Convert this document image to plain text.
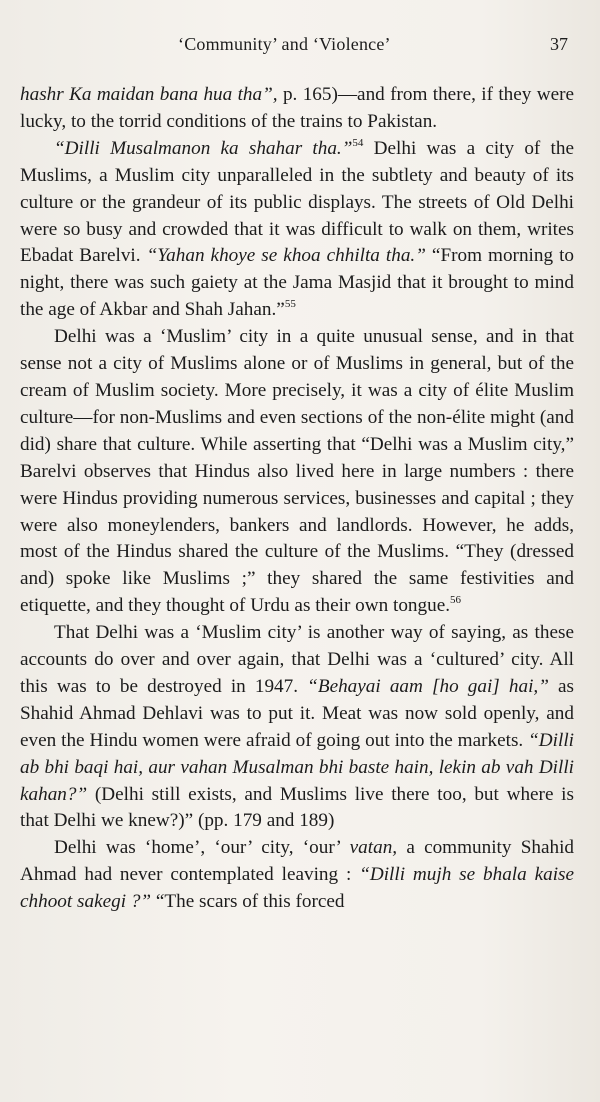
‘Community’ and ‘Violence’	37

hashr Ka maidan bana hua tha”, p. 165)—and from there, if they were lucky, to the torrid conditions of the trains to Pakistan.

“Dilli Musalmanon ka shahar tha.”$^{54}$ Delhi was a city of the Muslims, a Muslim city unparalleled in the subtlety and beauty of its culture or the grandeur of its public displays. The streets of Old Delhi were so busy and crowded that it was difficult to walk on them, writes Ebadat Barelvi. “Yahan khoye se khoa chhilta tha.” “From morning to night, there was such gaiety at the Jama Masjid that it brought to mind the age of Akbar and Shah Jahan.”$^{55}$

Delhi was a ‘Muslim’ city in a quite unusual sense, and in that sense not a city of Muslims alone or of Muslims in general, but of the cream of Muslim society. More precisely, it was a city of élite Muslim culture—for non-Muslims and even sections of the non-élite might (and did) share that culture. While asserting that “Delhi was a Muslim city,” Barelvi observes that Hindus also lived here in large numbers : there were Hindus providing numerous services, businesses and capital ; they were also moneylenders, bankers and landlords. However, he adds, most of the Hindus shared the culture of the Muslims. “They (dressed and) spoke like Muslims ;” they shared the same festivities and etiquette, and they thought of Urdu as their own tongue.$^{56}$

That Delhi was a ‘Muslim city’ is another way of saying, as these accounts do over and over again, that Delhi was a ‘cultured’ city. All this was to be destroyed in 1947. “Behayai aam [ho gai] hai,” as Shahid Ahmad Dehlavi was to put it. Meat was now sold openly, and even the Hindu women were afraid of going out into the markets. “Dilli ab bhi baqi hai, aur vahan Musalman bhi baste hain, lekin ab vah Dilli kahan?” (Delhi still exists, and Muslims live there too, but where is that Delhi we knew?)” (pp. 179 and 189)

Delhi was ‘home’, ‘our’ city, ‘our’ vatan, a community Shahid Ahmad had never contemplated leaving : “Dilli mujh se bhala kaise chhoot sakegi ?” “The scars of this forced
